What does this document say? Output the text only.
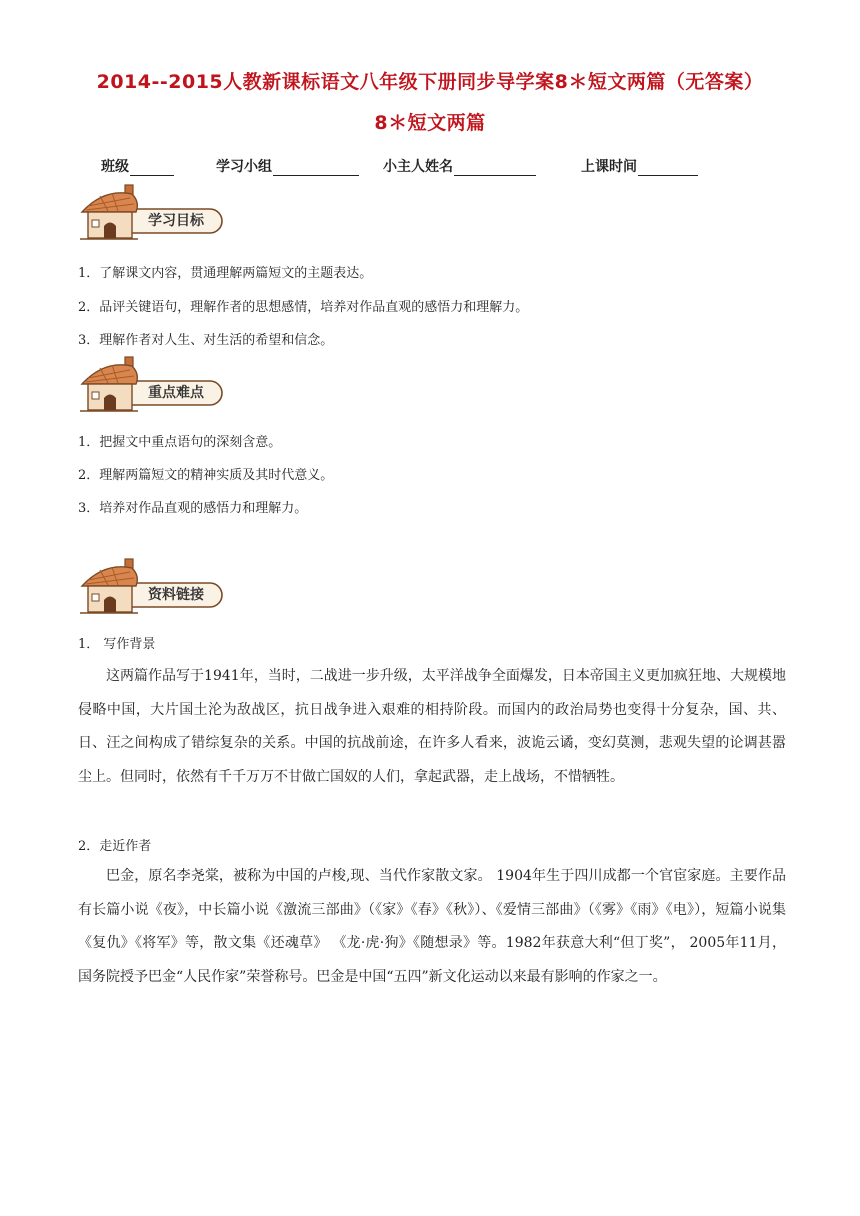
2014--2015人教新课标语文八年级下册同步导学案8＊短文两篇（无答案）
8＊短文两篇
班级	学习小组	小主人姓名	上课时间
学习目标
1．了解课文内容，贯通理解两篇短文的主题表达。
2．品评关键语句，理解作者的思想感情，培养对作品直观的感悟力和理解力。
3．理解作者对人生、对生活的希望和信念。
重点难点
1．把握文中重点语句的深刻含意。
2．理解两篇短文的精神实质及其时代意义。
3．培养对作品直观的感悟力和理解力。
资料链接
1． 写作背景
这两篇作品写于1941年，当时，二战进一步升级，太平洋战争全面爆发，日本帝国主义更加疯狂地、大规模地侵略中国，大片国土沦为敌战区，抗日战争进入艰难的相持阶段。而国内的政治局势也变得十分复杂，国、共、日、汪之间构成了错综复杂的关系。中国的抗战前途，在许多人看来，波诡云谲，变幻莫测，悲观失望的论调甚嚣尘上。但同时，依然有千千万万不甘做亡国奴的人们，拿起武器，走上战场，不惜牺牲。
2．走近作者
巴金，原名李尧棠，被称为中国的卢梭,现、当代作家散文家。 1904年生于四川成都一个官宦家庭。主要作品有长篇小说《夜》，中长篇小说《激流三部曲》（《家》《春》《秋》）、《爱情三部曲》（《雾》《雨》《电》），短篇小说集《复仇》《将军》等，散文集《还魂草》 《龙·虎·狗》《随想录》等。1982年获意大利“但丁奖”， 2005年11月，国务院授予巴金“人民作家”荣誉称号。巴金是中国“五四”新文化运动以来最有影响的作家之一。
